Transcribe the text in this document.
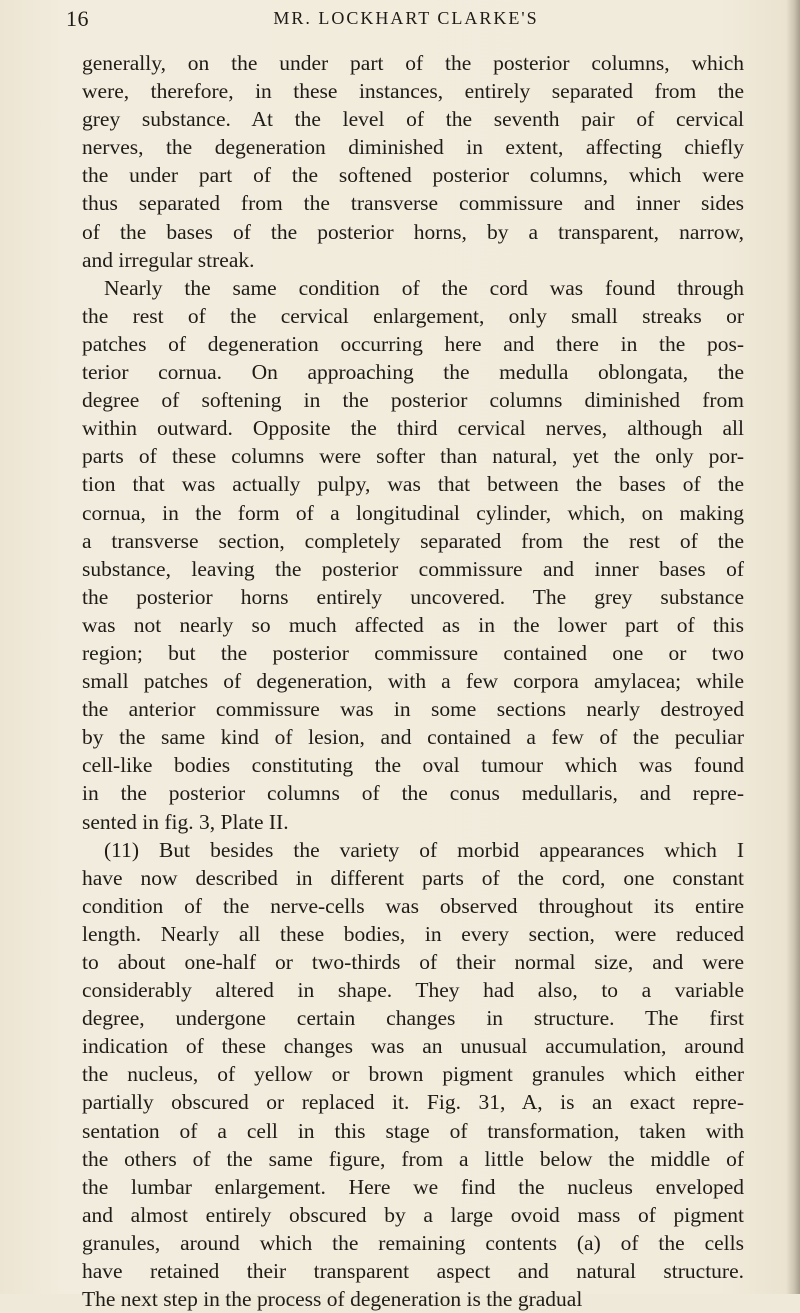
16	MR. LOCKHART CLARKE'S
generally, on the under part of the posterior columns, which
were, therefore, in these instances, entirely separated from the
grey substance. At the level of the seventh pair of cervical
nerves, the degeneration diminished in extent, affecting chiefly
the under part of the softened posterior columns, which were
thus separated from the transverse commissure and inner sides
of the bases of the posterior horns, by a transparent, narrow,
and irregular streak.
Nearly the same condition of the cord was found through
the rest of the cervical enlargement, only small streaks or
patches of degeneration occurring here and there in the pos-
terior cornua. On approaching the medulla oblongata, the
degree of softening in the posterior columns diminished from
within outward. Opposite the third cervical nerves, although all
parts of these columns were softer than natural, yet the only por-
tion that was actually pulpy, was that between the bases of the
cornua, in the form of a longitudinal cylinder, which, on making
a transverse section, completely separated from the rest of the
substance, leaving the posterior commissure and inner bases of
the posterior horns entirely uncovered. The grey substance
was not nearly so much affected as in the lower part of this
region; but the posterior commissure contained one or two
small patches of degeneration, with a few corpora amylacea; while
the anterior commissure was in some sections nearly destroyed
by the same kind of lesion, and contained a few of the peculiar
cell-like bodies constituting the oval tumour which was found
in the posterior columns of the conus medullaris, and repre-
sented in fig. 3, Plate II.
(11) But besides the variety of morbid appearances which I
have now described in different parts of the cord, one constant
condition of the nerve-cells was observed throughout its entire
length. Nearly all these bodies, in every section, were reduced
to about one-half or two-thirds of their normal size, and were
considerably altered in shape. They had also, to a variable
degree, undergone certain changes in structure. The first
indication of these changes was an unusual accumulation, around
the nucleus, of yellow or brown pigment granules which either
partially obscured or replaced it. Fig. 31, A, is an exact repre-
sentation of a cell in this stage of transformation, taken with
the others of the same figure, from a little below the middle of
the lumbar enlargement. Here we find the nucleus enveloped
and almost entirely obscured by a large ovoid mass of pigment
granules, around which the remaining contents (a) of the cells
have retained their transparent aspect and natural structure.
The next step in the process of degeneration is the gradual
